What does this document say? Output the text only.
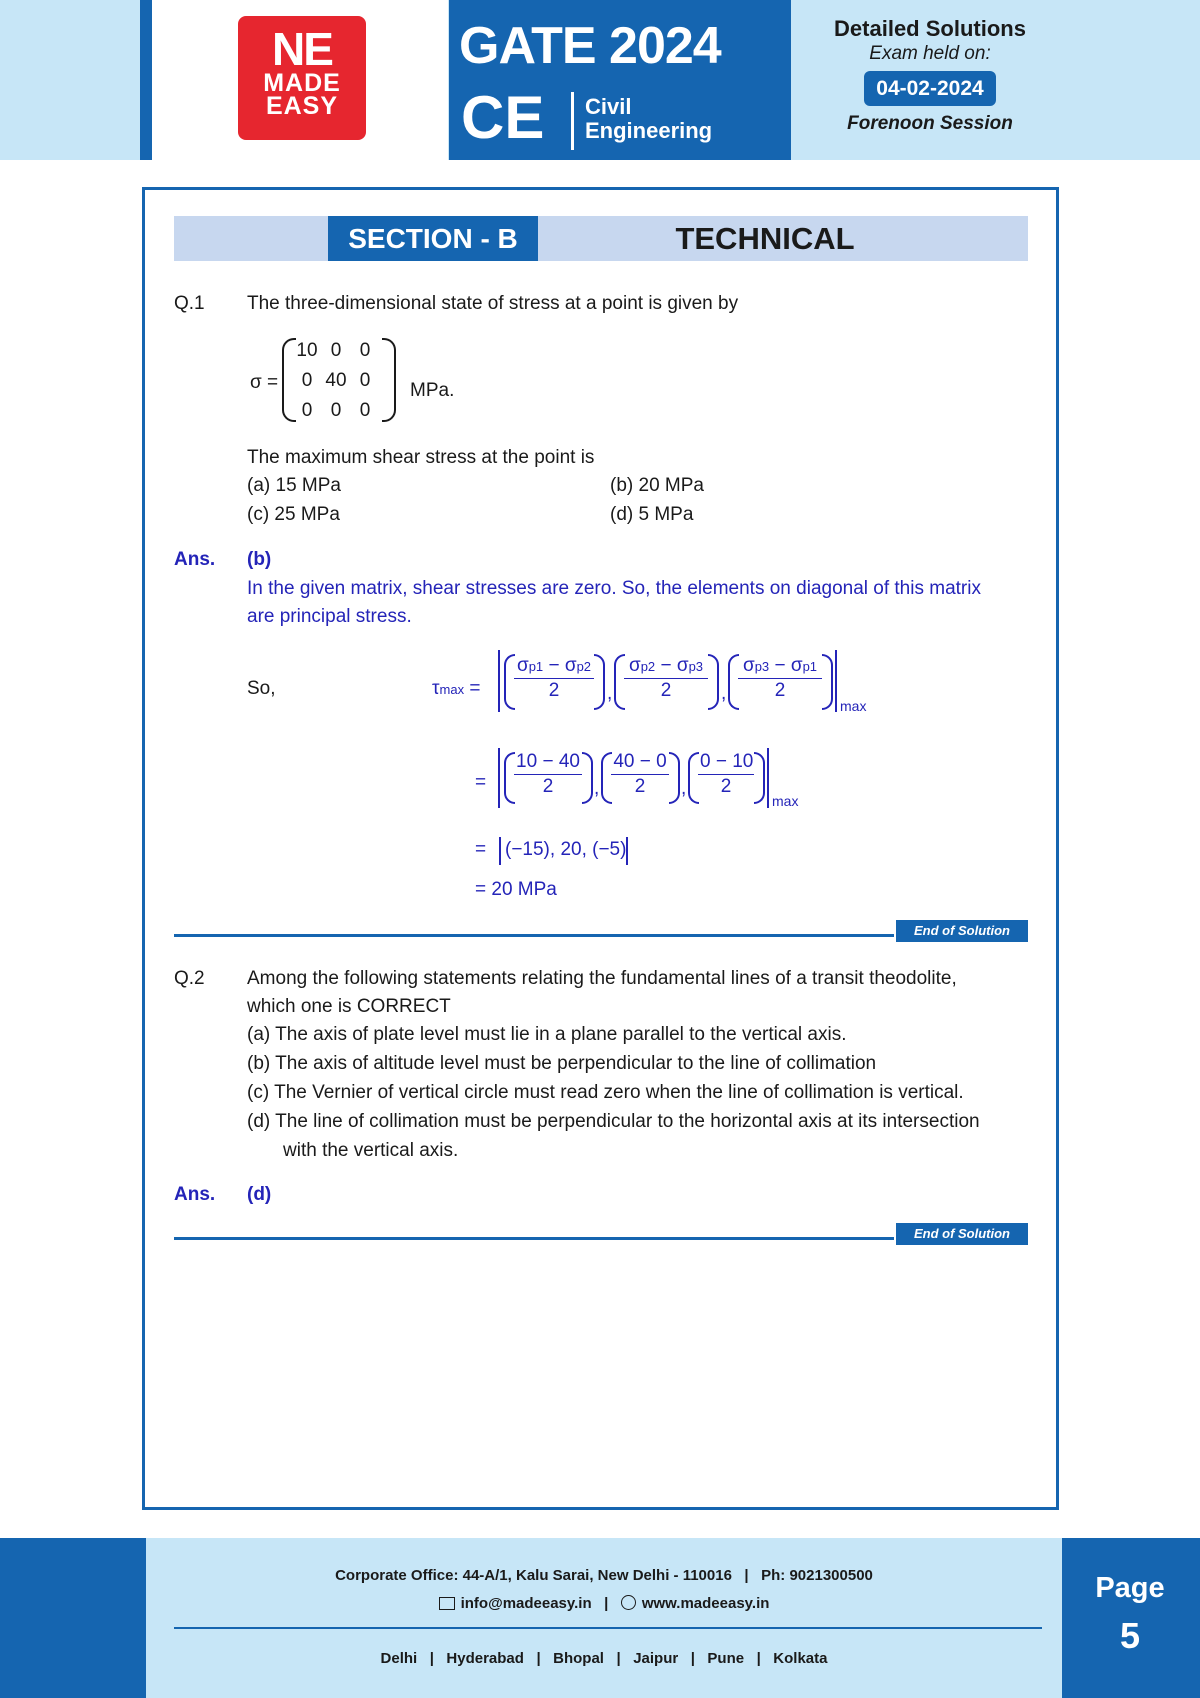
NE
MADE
EASY
GATE 2024
CE Civil
Engineering
Detailed Solutions
Exam held on:
04-02-2024
Forenoon Session
SECTION - B	TECHNICAL
Q.1 The three-dimensional state of stress at a point is given by
σ =
10 0 0
0 40 0
0 0 0
MPa.
The maximum shear stress at the point is
(a) 15 MPa	(b) 20 MPa
(c) 25 MPa	(d) 5 MPa
Ans. (b)
In the given matrix, shear stresses are zero. So, the elements on diagonal of this matrix
are principal stress.
So,	$\tau\max = \frac{\sigma p1 - \sigma p2}{2}$ , $\frac{\sigma p2 - \sigma p3}{2}$ , $\frac{\sigma p3 - \sigma p1}{2}$
max
= $\frac{10 - 40}{2}$ , $\frac{40 - 0}{2}$ , $\frac{0 - 10}{2}$
max
= (−15), 20, (−5)
= 20 MPa
End of Solution
Q.2 Among the following statements relating the fundamental lines of a transit theodolite,
which one is CORRECT
(a) The axis of plate level must lie in a plane parallel to the vertical axis.
(b) The axis of altitude level must be perpendicular to the line of collimation
(c) The Vernier of vertical circle must read zero when the line of collimation is vertical.
(d) The line of collimation must be perpendicular to the horizontal axis at its intersection
with the vertical axis.
Ans. (d)
End of Solution
Corporate Office: 44-A/1, Kalu Sarai, New Delhi - 110016   |   Ph: 9021300500
info@madeeasy.in   |   www.madeeasy.in
Delhi   |   Hyderabad   |   Bhopal   |   Jaipur   |   Pune   |   Kolkata
Page
5
